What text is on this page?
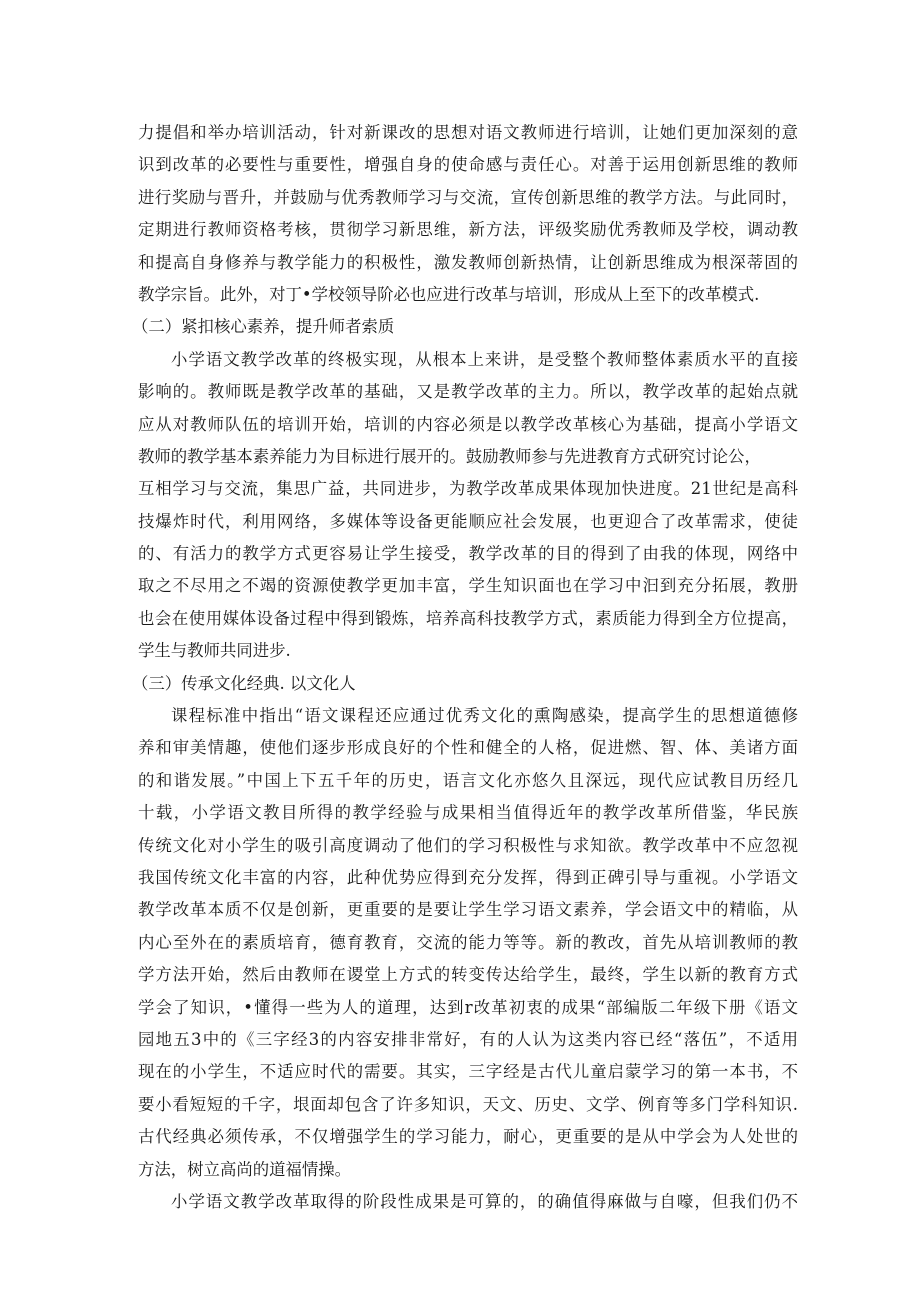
力提倡和举办培训活动，针对新课改的思想对语文教师进行培训，让她们更加深刻的意
识到改革的必要性与重要性，增强自身的使命感与责任心。对善于运用创新思维的教师
进行奖励与晋升，并鼓励与优秀教师学习与交流，宣传创新思维的教学方法。与此同时，
定期进行教师资格考核，贯彻学习新思维，新方法，评级奖励优秀教师及学校，调动教
和提高自身修养与教学能力的积极性，激发教师创新热情，让创新思维成为根深蒂固的
教学宗旨。此外，对丁•学校领导阶必也应进行改革与培训，形成从上至下的改革模式.
（二）紧扣核心素养，提升师者索质
小学语文教学改革的终极实现，从根本上来讲，是受整个教师整体素质水平的直接
影响的。教师既是教学改革的基础，又是教学改革的主力。所以，教学改革的起始点就
应从对教师队伍的培训开始，培训的内容必须是以教学改革核心为基础，提高小学语文
教师的教学基本素养能力为目标进行展开的。鼓励教师参与先进教育方式研究讨论公，
互相学习与交流，集思广益，共同进步，为教学改革成果体现加快进度。21世纪是高科
技爆炸时代，利用网络，多媒体等设备更能顺应社会发展，也更迎合了改革需求，使徒
的、有活力的教学方式更容易让学生接受，教学改革的目的得到了由我的体现，网络中
取之不尽用之不竭的资源使教学更加丰富，学生知识面也在学习中汩到充分拓展，教册
也会在使用媒体设备过程中得到锻炼，培养高科技教学方式，素质能力得到全方位提高，
学生与教师共同进步.
（三）传承文化经典. 以文化人
课程标准中指出“语文课程还应通过优秀文化的熏陶感染，提高学生的思想道德修
养和审美情趣，使他们逐步形成良好的个性和健全的人格，促进燃、智、体、美诸方面
的和谐发展。”中国上下五千年的历史，语言文化亦悠久且深远，现代应试教目历经几
十载，小学语文教目所得的教学经验与成果相当值得近年的教学改革所借鉴，华民族
传统文化对小学生的吸引高度调动了他们的学习积极性与求知欲。教学改革中不应忽视
我国传统文化丰富的内容，此种优势应得到充分发挥，得到正碑引导与重视。小学语文
教学改革本质不仅是创新，更重要的是要让学生学习语文素养，学会语文中的精临，从
内心至外在的素质培育，德育教育，交流的能力等等。新的教改，首先从培训教师的教
学方法开始，然后由教师在谡堂上方式的转变传达给学生，最终，学生以新的教育方式
学会了知识，•懂得一些为人的道理，达到r改革初衷的成果“部编版二年级下册《语文
园地五3中的《三字经3的内容安排非常好，有的人认为这类内容已经“落伍”，不适用
现在的小学生，不适应时代的需要。其实，三字经是古代儿童启蒙学习的第一本书，不
要小看短短的千字，垠面却包含了许多知识，天文、历史、文学、例育等多门学科知识.
古代经典必须传承，不仅增强学生的学习能力，耐心，更重要的是从中学会为人处世的
方法，树立高尚的道福情操。
小学语文教学改革取得的阶段性成果是可算的，的确值得麻做与自嚎，但我们仍不
